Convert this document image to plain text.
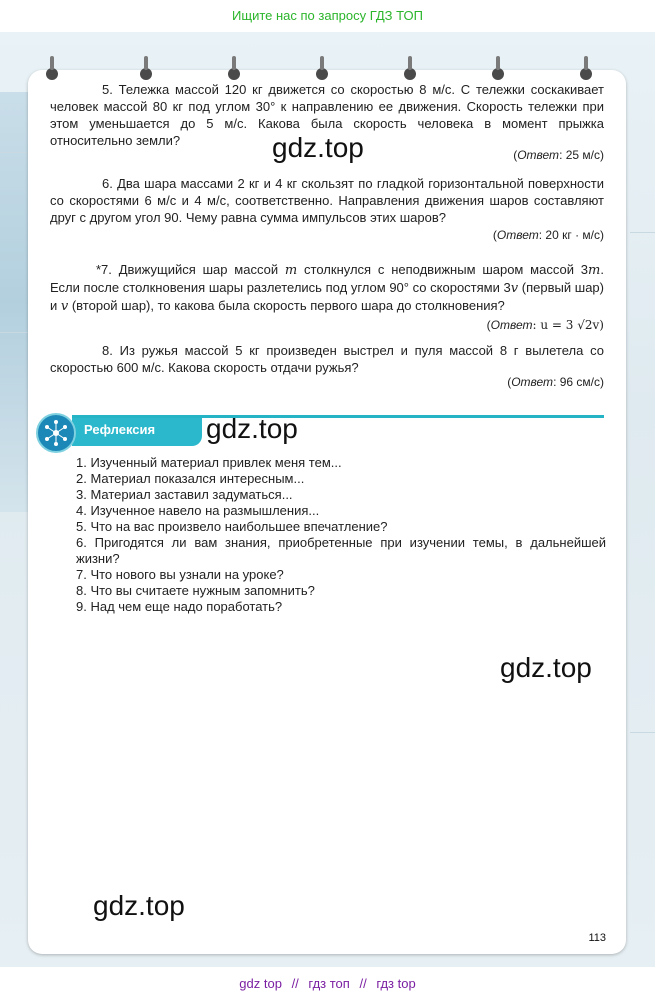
Ищите нас по запросу ГДЗ ТОП
5. Тележка массой 120 кг движется со скоростью 8 м/с. С тележки соскакивает человек массой 80 кг под углом 30° к направлению ее движения. Скорость тележки при этом уменьшается до 5 м/с. Какова была скорость человека в момент прыжка относительно земли?
(Ответ: 25 м/с)
gdz.top
6. Два шара массами 2 кг и 4 кг скользят по гладкой горизонтальной поверхности со скоростями 6 м/с и 4 м/с, соответственно. Направления движения шаров составляют друг с другом угол 90. Чему равна сумма импульсов этих шаров?
(Ответ: 20 кг · м/с)
*7. Движущийся шар массой m столкнулся с неподвижным шаром массой 3m. Если после столкновения шары разлетелись под углом 90° со скоростями 3v (первый шар) и v (второй шар), то какова была скорость первого шара до столкновения?
(Ответ: u = 3 √2v)
8. Из ружья массой 5 кг произведен выстрел и пуля массой 8 г вылетела со скоростью 600 м/с. Какова скорость отдачи ружья?
(Ответ: 96 см/с)
Рефлексия gdz.top
1. Изученный материал привлек меня тем...
2. Материал показался интересным...
3. Материал заставил задуматься...
4. Изученное навело на размышления...
5. Что на вас произвело наибольшее впечатление?
6. Пригодятся ли вам знания, приобретенные при изучении темы, в дальнейшей жизни?
7. Что нового вы узнали на уроке?
8. Что вы считаете нужным запомнить?
9. Над чем еще надо поработать?
gdz.top
gdz.top
113
gdz top // гдз топ // гдз top
